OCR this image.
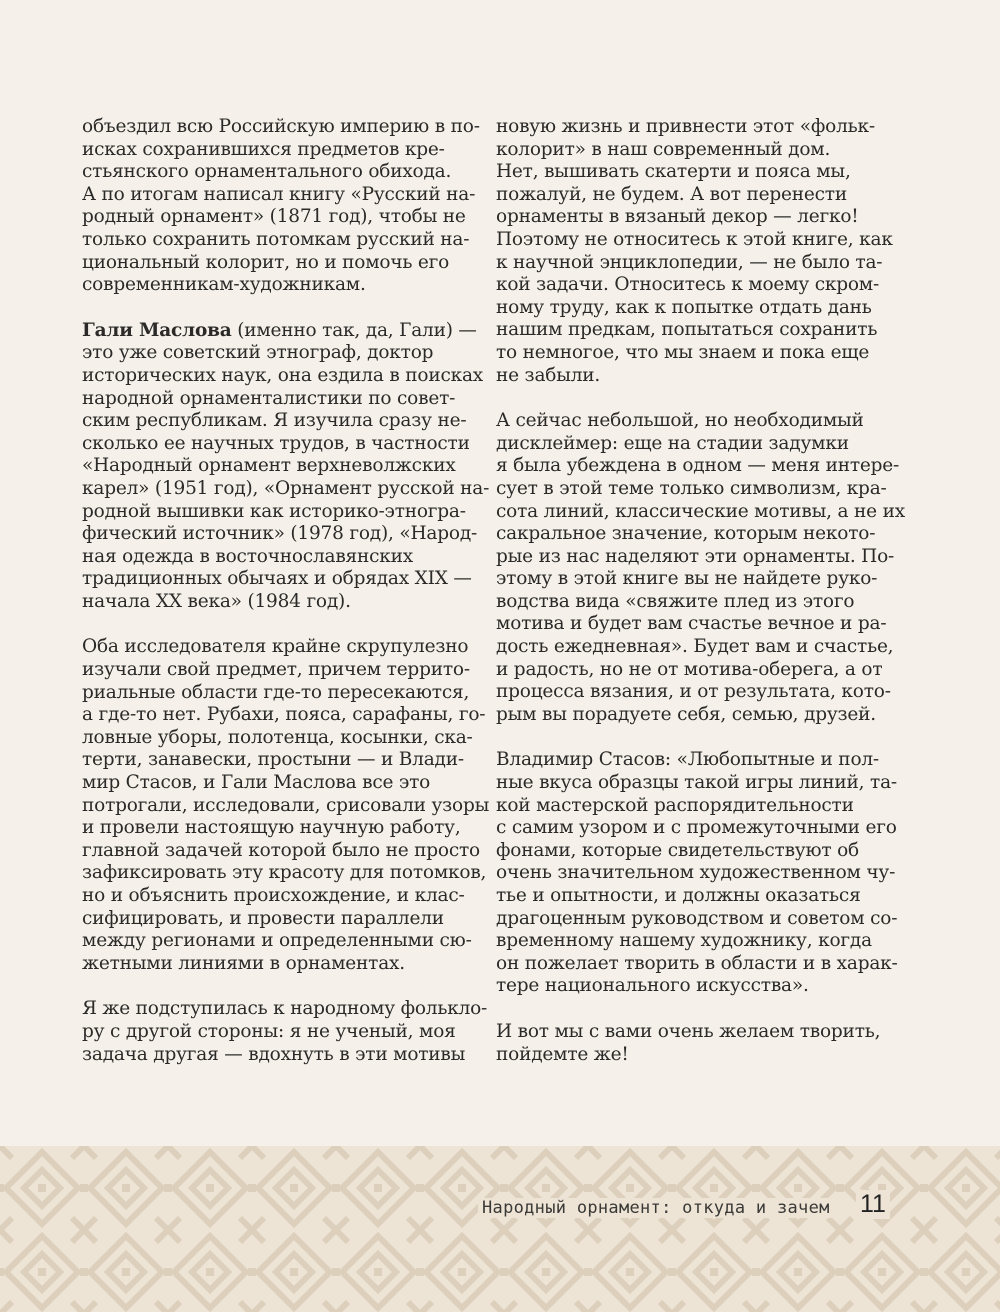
объездил всю Российскую империю в по-
исках сохранившихся предметов кре-
стьянского орнаментального обихода.
А по итогам написал книгу «Русский на-
родный орнамент» (1871 год), чтобы не
только сохранить потомкам русский на-
циональный колорит, но и помочь его
современникам-художникам.

Гали Маслова (именно так, да, Гали) —
это уже советский этнограф, доктор
исторических наук, она ездила в поисках
народной орнаменталистики по совет-
ским республикам. Я изучила сразу не-
сколько ее научных трудов, в частности
«Народный орнамент верхневолжских
карел» (1951 год), «Орнамент русской на-
родной вышивки как историко-этногра-
фический источник» (1978 год), «Народ-
ная одежда в восточнославянских
традиционных обычаях и обрядах XIX —
начала XX века» (1984 год).

Оба исследователя крайне скрупулезно
изучали свой предмет, причем террито-
риальные области где-то пересекаются,
а где-то нет. Рубахи, пояса, сарафаны, го-
ловные уборы, полотенца, косынки, ска-
терти, занавески, простыни — и Влади-
мир Стасов, и Гали Маслова все это
потрогали, исследовали, срисовали узоры
и провели настоящую научную работу,
главной задачей которой было не просто
зафиксировать эту красоту для потомков,
но и объяснить происхождение, и клас-
сифицировать, и провести параллели
между регионами и определенными сю-
жетными линиями в орнаментах.

Я же подступилась к народному фолькло-
ру с другой стороны: я не ученый, моя
задача другая — вдохнуть в эти мотивы

новую жизнь и привнести этот «фольк-
колорит» в наш современный дом.
Нет, вышивать скатерти и пояса мы,
пожалуй, не будем. А вот перенести
орнаменты в вязаный декор — легко!
Поэтому не относитесь к этой книге, как
к научной энциклопедии, — не было та-
кой задачи. Относитесь к моему скром-
ному труду, как к попытке отдать дань
нашим предкам, попытаться сохранить
то немногое, что мы знаем и пока еще
не забыли.

А сейчас небольшой, но необходимый
дисклеймер: еще на стадии задумки
я была убеждена в одном — меня интере-
сует в этой теме только символизм, кра-
сота линий, классические мотивы, а не их
сакральное значение, которым некото-
рые из нас наделяют эти орнаменты. По-
этому в этой книге вы не найдете руко-
водства вида «свяжите плед из этого
мотива и будет вам счастье вечное и ра-
дость ежедневная». Будет вам и счастье,
и радость, но не от мотива-оберега, а от
процесса вязания, и от результата, кото-
рым вы порадуете себя, семью, друзей.

Владимир Стасов: «Любопытные и пол-
ные вкуса образцы такой игры линий, та-
кой мастерской распорядительности
с самим узором и с промежуточными его
фонами, которые свидетельствуют об
очень значительном художественном чу-
тье и опытности, и должны оказаться
драгоценным руководством и советом со-
временному нашему художнику, когда
он пожелает творить в области и в харак-
тере национального искусства».

И вот мы с вами очень желаем творить,
пойдемте же!

Народный орнамент: откуда и зачем 11
